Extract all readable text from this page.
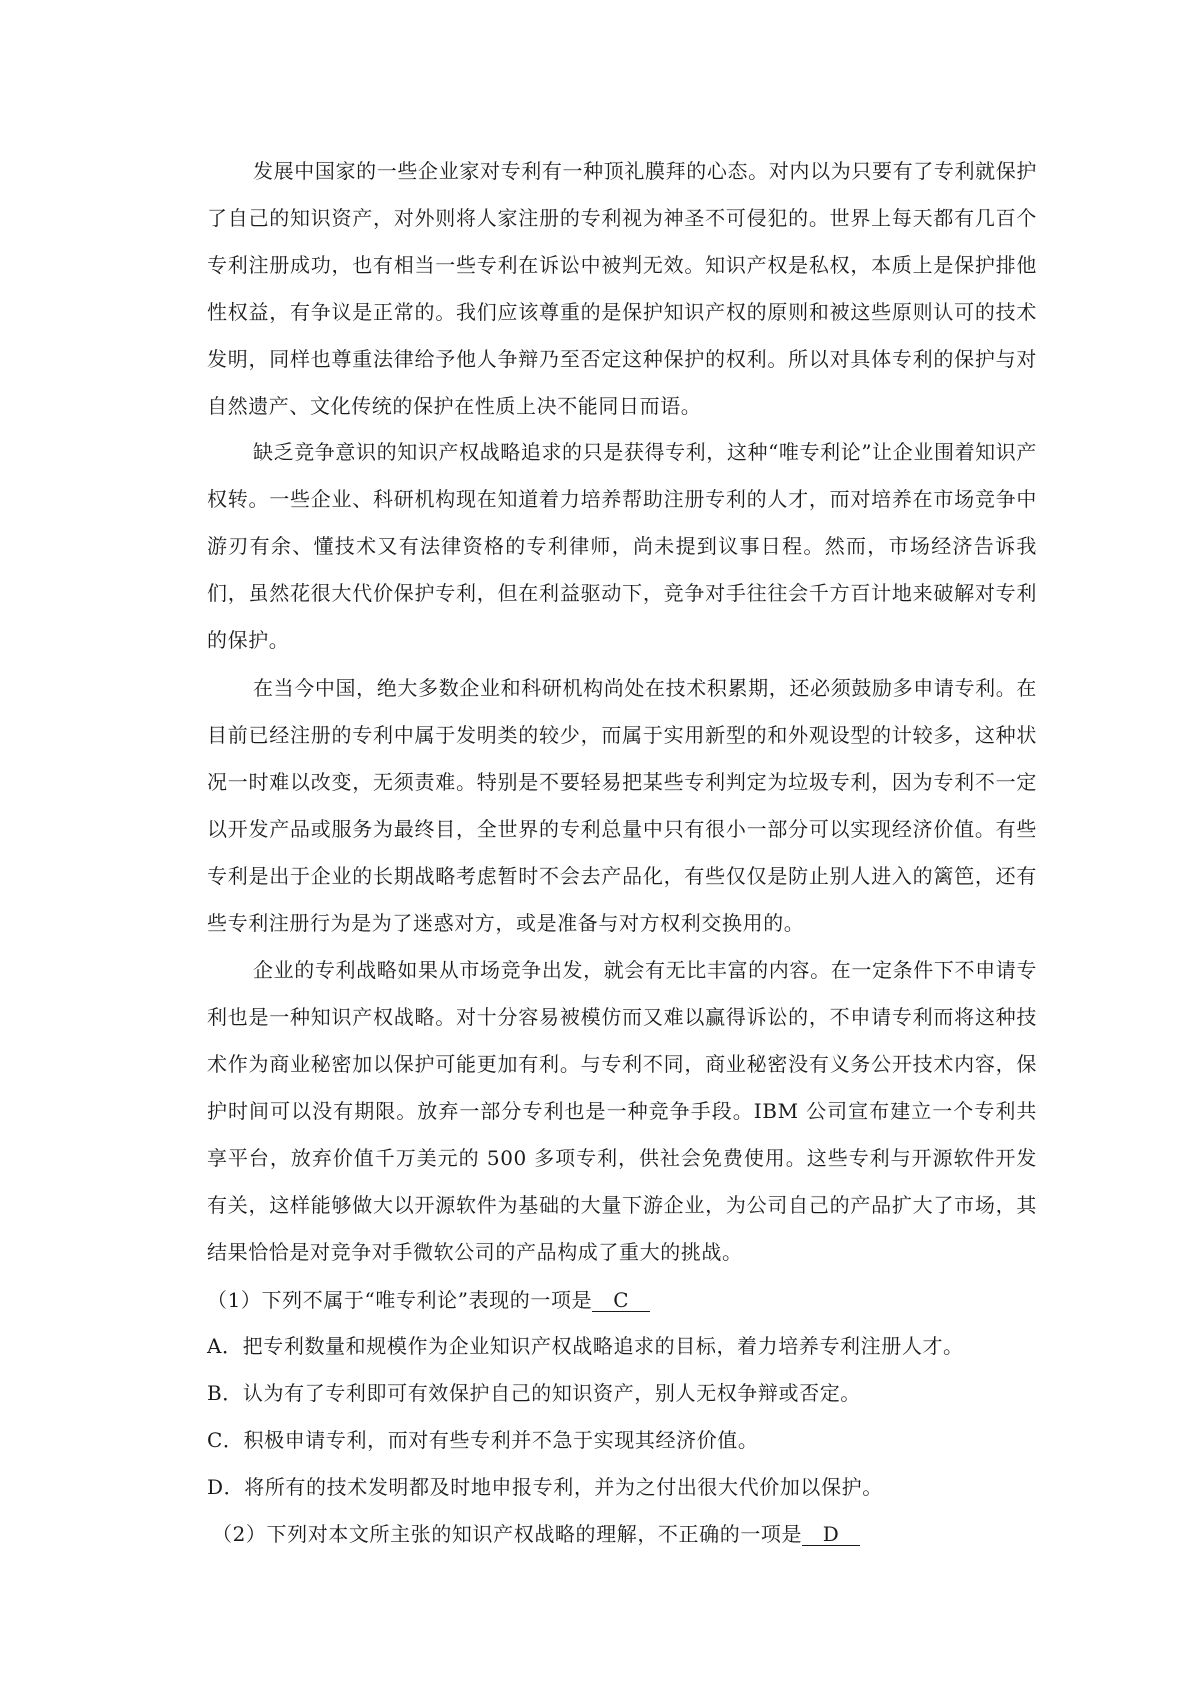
发展中国家的一些企业家对专利有一种顶礼膜拜的心态。对内以为只要有了专利就保护了自己的知识资产，对外则将人家注册的专利视为神圣不可侵犯的。世界上每天都有几百个专利注册成功，也有相当一些专利在诉讼中被判无效。知识产权是私权，本质上是保护排他性权益，有争议是正常的。我们应该尊重的是保护知识产权的原则和被这些原则认可的技术发明，同样也尊重法律给予他人争辩乃至否定这种保护的权利。所以对具体专利的保护与对自然遗产、文化传统的保护在性质上决不能同日而语。

缺乏竞争意识的知识产权战略追求的只是获得专利，这种“唯专利论”让企业围着知识产权转。一些企业、科研机构现在知道着力培养帮助注册专利的人才，而对培养在市场竞争中游刃有余、懂技术又有法律资格的专利律师，尚未提到议事日程。然而，市场经济告诉我们，虽然花很大代价保护专利，但在利益驱动下，竞争对手往往会千方百计地来破解对专利的保护。

在当今中国，绝大多数企业和科研机构尚处在技术积累期，还必须鼓励多申请专利。在目前已经注册的专利中属于发明类的较少，而属于实用新型的和外观设型的计较多，这种状况一时难以改变，无须责难。特别是不要轻易把某些专利判定为垃圾专利，因为专利不一定以开发产品或服务为最终目，全世界的专利总量中只有很小一部分可以实现经济价值。有些专利是出于企业的长期战略考虑暂时不会去产品化，有些仅仅是防止别人进入的篱笆，还有些专利注册行为是为了迷惑对方，或是准备与对方权利交换用的。

企业的专利战略如果从市场竞争出发，就会有无比丰富的内容。在一定条件下不申请专利也是一种知识产权战略。对十分容易被模仿而又难以赢得诉讼的，不申请专利而将这种技术作为商业秘密加以保护可能更加有利。与专利不同，商业秘密没有义务公开技术内容，保护时间可以没有期限。放弃一部分专利也是一种竞争手段。IBM 公司宣布建立一个专利共享平台，放弃价值千万美元的 500 多项专利，供社会免费使用。这些专利与开源软件开发有关，这样能够做大以开源软件为基础的大量下游企业，为公司自己的产品扩大了市场，其结果恰恰是对竞争对手微软公司的产品构成了重大的挑战。

（1）下列不属于“唯专利论”表现的一项是 C

A．把专利数量和规模作为企业知识产权战略追求的目标，着力培养专利注册人才。

B．认为有了专利即可有效保护自己的知识资产，别人无权争辩或否定。

C．积极申请专利，而对有些专利并不急于实现其经济价值。

D．将所有的技术发明都及时地申报专利，并为之付出很大代价加以保护。

（2）下列对本文所主张的知识产权战略的理解，不正确的一项是 D
